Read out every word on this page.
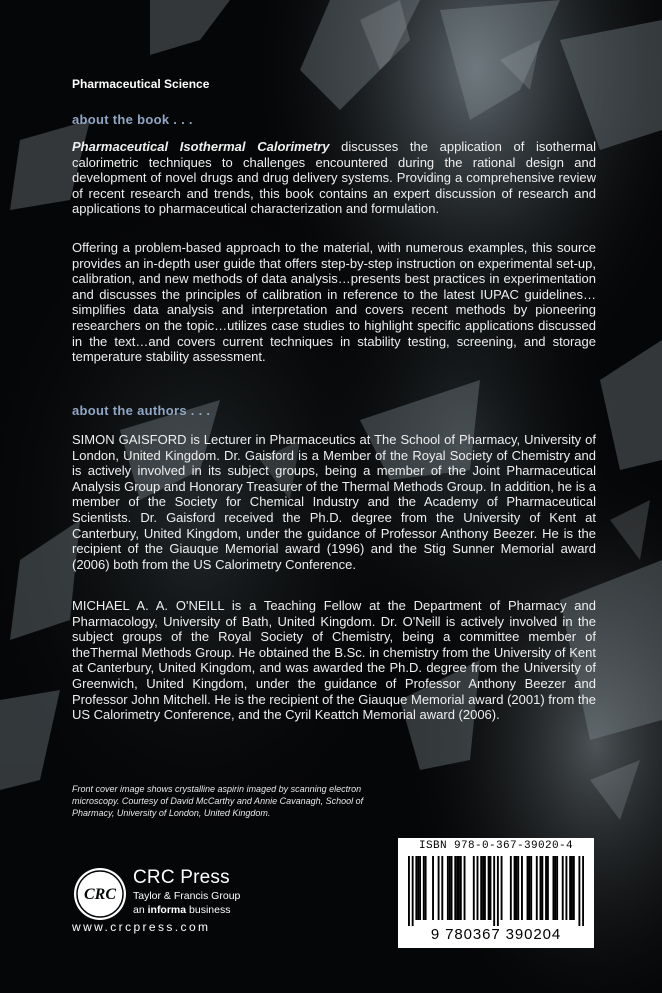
Pharmaceutical Science
about the book . . .
Pharmaceutical Isothermal Calorimetry discusses the application of isothermal calorimetric techniques to challenges encountered during the rational design and development of novel drugs and drug delivery systems. Providing a comprehensive review of recent research and trends, this book contains an expert discussion of research and applications to pharmaceutical characterization and formulation.
Offering a problem-based approach to the material, with numerous examples, this source provides an in-depth user guide that offers step-by-step instruction on experimental set-up, calibration, and new methods of data analysis…presents best practices in experimentation and discusses the principles of calibration in reference to the latest IUPAC guidelines…simplifies data analysis and interpretation and covers recent methods by pioneering researchers on the topic…utilizes case studies to highlight specific applications discussed in the text…and covers current techniques in stability testing, screening, and storage temperature stability assessment.
about the authors . . .
SIMON GAISFORD is Lecturer in Pharmaceutics at The School of Pharmacy, University of London, United Kingdom. Dr. Gaisford is a Member of the Royal Society of Chemistry and is actively involved in its subject groups, being a member of the Joint Pharmaceutical Analysis Group and Honorary Treasurer of the Thermal Methods Group. In addition, he is a member of the Society for Chemical Industry and the Academy of Pharmaceutical Scientists. Dr. Gaisford received the Ph.D. degree from the University of Kent at Canterbury, United Kingdom, under the guidance of Professor Anthony Beezer. He is the recipient of the Giauque Memorial award (1996) and the Stig Sunner Memorial award (2006) both from the US Calorimetry Conference.
MICHAEL A. A. O'NEILL is a Teaching Fellow at the Department of Pharmacy and Pharmacology, University of Bath, United Kingdom. Dr. O'Neill is actively involved in the subject groups of the Royal Society of Chemistry, being a committee member of theThermal Methods Group. He obtained the B.Sc. in chemistry from the University of Kent at Canterbury, United Kingdom, and was awarded the Ph.D. degree from the University of Greenwich, United Kingdom, under the guidance of Professor Anthony Beezer and Professor John Mitchell. He is the recipient of the Giauque Memorial award (2001) from the US Calorimetry Conference, and the Cyril Keattch Memorial award (2006).
Front cover image shows crystalline aspirin imaged by scanning electron microscopy. Courtesy of David McCarthy and Annie Cavanagh, School of Pharmacy, University of London, United Kingdom.
CRC
CRC Press
Taylor & Francis Group
an informa business
www.crcpress.com
ISBN 978-0-367-39020-4
9 780367 390204
